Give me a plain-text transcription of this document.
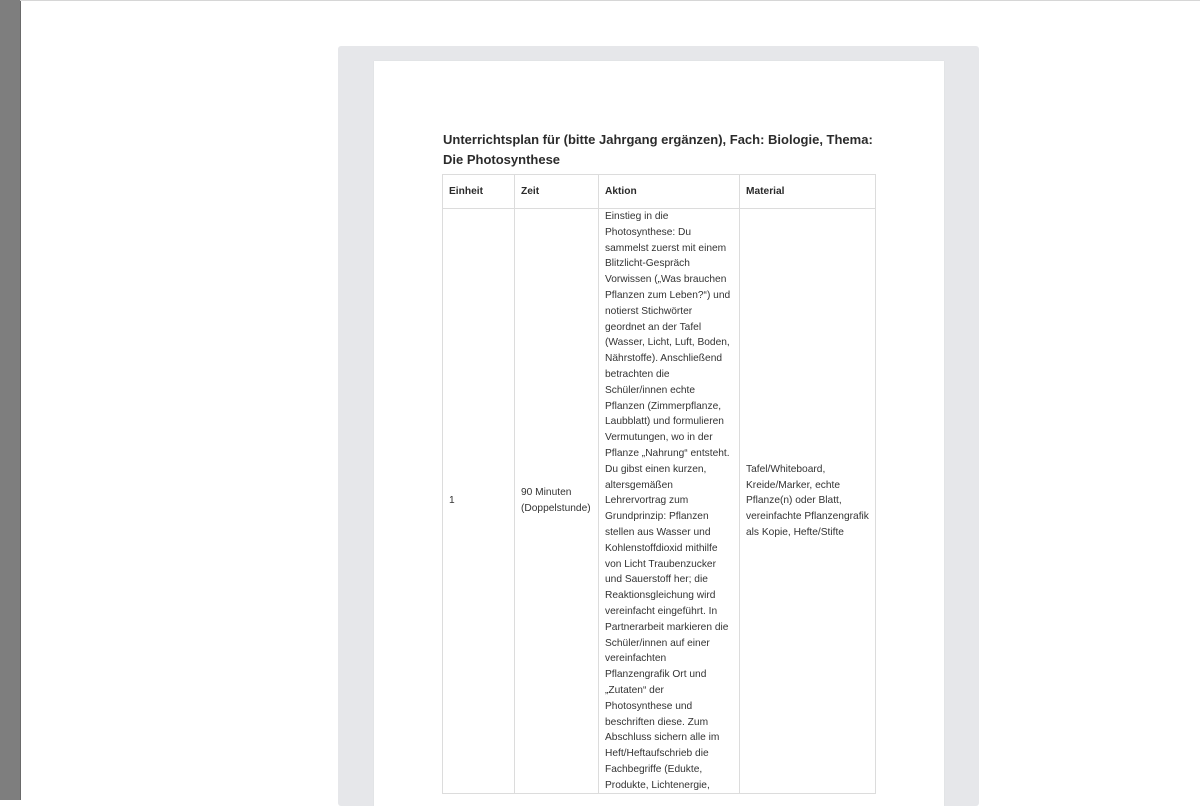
Unterrichtsplan für (bitte Jahrgang ergänzen), Fach: Biologie, Thema: Die Photosynthese
Einheit	Zeit	Aktion	Material
1	90 Minuten (Doppelstunde)	Einstieg in die Photosynthese: Du sammelst zuerst mit einem Blitzlicht-Gespräch Vorwissen („Was brauchen Pflanzen zum Leben?“) und notierst Stichwörter geordnet an der Tafel (Wasser, Licht, Luft, Boden, Nährstoffe). Anschließend betrachten die Schüler/innen echte Pflanzen (Zimmerpflanze, Laubblatt) und formulieren Vermutungen, wo in der Pflanze „Nahrung“ entsteht. Du gibst einen kurzen, altersgemäßen Lehrervortrag zum Grundprinzip: Pflanzen stellen aus Wasser und Kohlenstoffdioxid mithilfe von Licht Traubenzucker und Sauerstoff her; die Reaktionsgleichung wird vereinfacht eingeführt. In Partnerarbeit markieren die Schüler/innen auf einer vereinfachten Pflanzengrafik Ort und „Zutaten“ der Photosynthese und beschriften diese. Zum Abschluss sichern alle im Heft/Heftaufschrieb die Fachbegriffe (Edukte, Produkte, Lichtenergie,	Tafel/Whiteboard, Kreide/Marker, echte Pflanze(n) oder Blatt, vereinfachte Pflanzengrafik als Kopie, Hefte/Stifte
